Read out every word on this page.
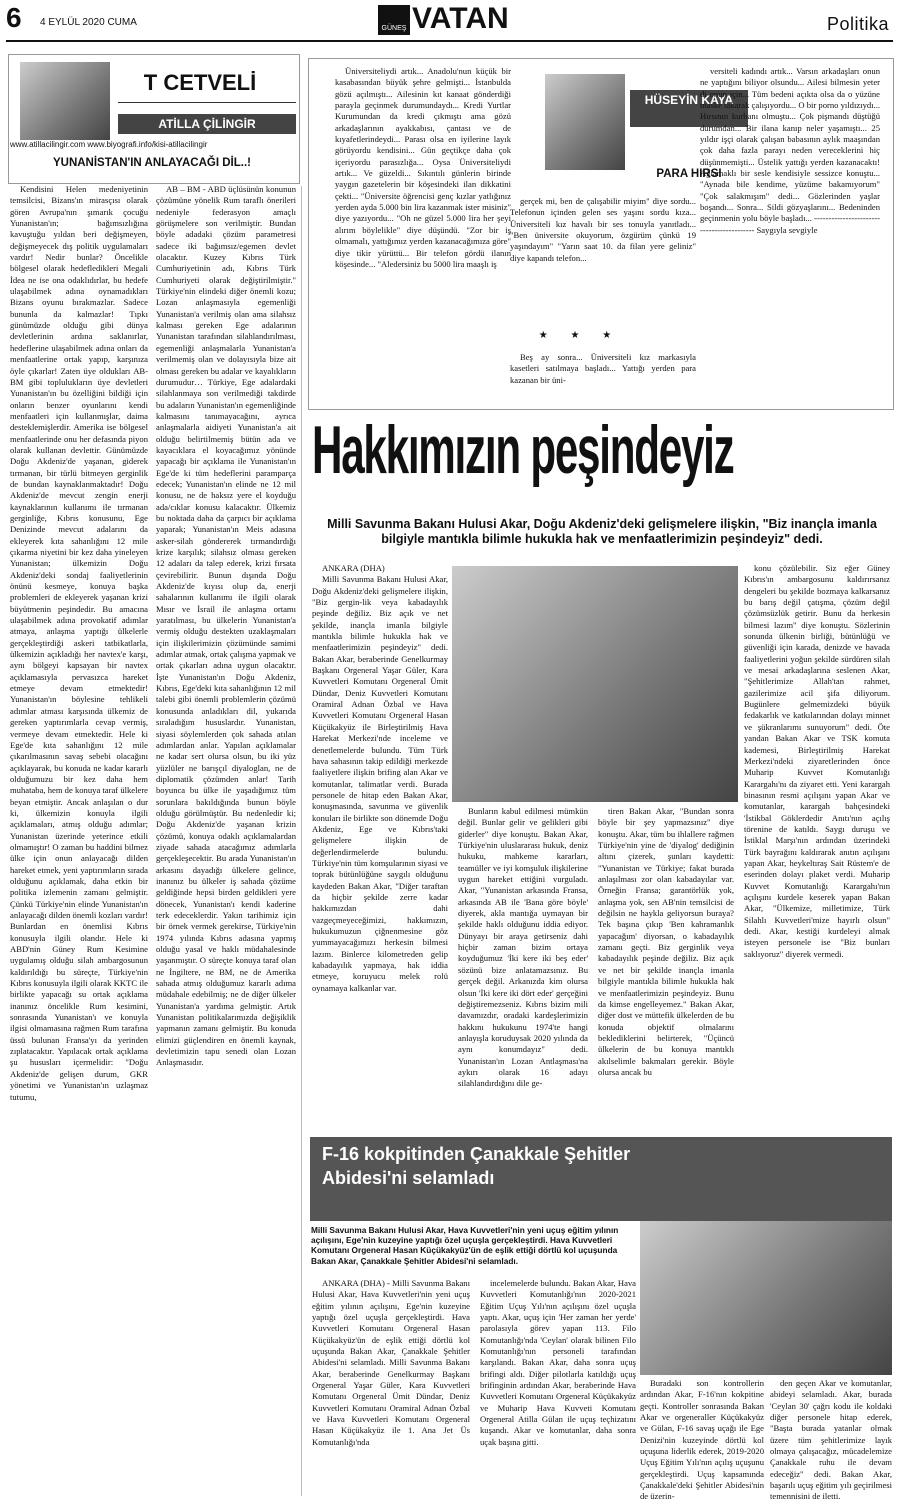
6 4 EYLÜL 2020 CUMA
GÜNEŞ VATAN	Politika
T CETVELİ
ATİLLA ÇİLİNGİR
www.atillacilingir.com www.biyografi.info/kisi-atillacilingir
YUNANİSTAN'IN ANLAYACAĞI DİL..!

Kendisini Helen medeniyetinin temsilcisi, Bizans'ın mirasçısı olarak gören Avrupa'nın şımarık çocuğu Yunanistan'ın; bağımsızlığına kavuştuğu yıldan beri değişmeyen, değişmeyecek dış politik uygulamaları vardır! Nedir bunlar? Öncelikle bölgesel olarak hedefledikleri Megali İdea ne ise ona odaklıdırlar, bu hedefe ulaşabilmek adına oynamadıkları Bizans oyunu bırakmazlar. Sadece bununla da kalmazlar! Tıpkı günümüzde olduğu gibi dünya devletlerinin ardına saklanırlar, hedeflerine ulaşabilmek adına onları da menfaatlerine ortak yapıp, karşınıza öyle çıkarlar! Zaten üye oldukları AB-BM gibi toplulukların üye devletleri Yunanistan'ın bu özelliğini bildiği için onların benzer oyunlarını kendi menfaatleri için kullanmışlar, daima desteklemişlerdir. Amerika ise bölgesel menfaatlerinde onu her defasında piyon olarak kullanan devlettir. Günümüzde Doğu Akdeniz'de yaşanan, giderek tırmanan, bir türlü bitmeyen gerginlik de bundan kaynaklanmaktadır! Doğu Akdeniz'de mevcut zengin enerji kaynaklarının kullanımı ile tırmanan gerginliğe, Kıbrıs konusunu, Ege Denizinde mevcut adalarını da ekleyerek kıta sahanlığını 12 mile çıkarma niyetini bir kez daha yineleyen Yunanistan; ülkemizin Doğu Akdeniz'deki sondaj faaliyetlerinin önünü kesmeye, konuya başka problemleri de ekleyerek yaşanan krizi büyütmenin peşindedir. Bu amacına ulaşabilmek adına provokatif adımlar atmaya, anlaşma yaptığı ülkelerle gerçekleştirdiği askeri tatbikatlarla, ülkemizin açıkladığı her navtex'e karşı, aynı bölgeyi kapsayan bir navtex açıklamasıyla pervasızca hareket etmeye devam etmektedir! Yunanistan'ın böylesine tehlikeli adımlar atması karşısında ülkemiz de gereken yaptırımlarla cevap vermiş, vermeye devam etmektedir. Hele ki Ege'de kıta sahanlığını 12 mile çıkarılmasının savaş sebebi olacağını açıklayarak, bu konuda ne kadar kararlı olduğumuzu bir kez daha hem muhataba, hem de konuya taraf ülkelere beyan etmiştir. Ancak anlaşılan o dur ki, ülkemizin konuyla ilgili açıklamaları, atmış olduğu adımlar; Yunanistan üzerinde yeterince etkili olmamıştır! O zaman bu haddini bilmez ülke için onun anlayacağı dilden hareket etmek, yeni yaptırımların sırada olduğunu açıklamak, daha etkin bir politika izlemenin zamanı gelmiştir. Çünkü Türkiye'nin elinde Yunanistan'ın anlayacağı dilden önemli kozları vardır! Bunlardan en önemlisi Kıbrıs konusuyla ilgili olandır. Hele ki ABD'nin Güney Rum Kesimine uygulamış olduğu silah ambargosunun kaldırıldığı bu süreçte, Türkiye'nin Kıbrıs konusuyla ilgili olarak KKTC ile birlikte yapacağı su ortak açıklama inanınız öncelikle Rum kesimini, sonrasında Yunanistan'ı ve konuyla ilgisi olmamasına rağmen Rum tarafına üssü bulunan Fransa'yı da yerinden zıplatacaktır. Yapılacak ortak açıklama şu hususları içermelidir: "Doğu Akdeniz'de gelişen durum, GKR yönetimi ve Yunanistan'ın uzlaşmaz tutumu,

AB – BM - ABD üçlüsünün konunun çözümüne yönelik Rum taraflı önerileri nedeniyle federasyon amaçlı görüşmelere son verilmiştir. Bundan böyle adadaki çözüm parametresi sadece iki bağımsız/egemen devlet olacaktır. Kuzey Kıbrıs Türk Cumhuriyetinin adı, Kıbrıs Türk Cumhuriyeti olarak değiştirilmiştir." Türkiye'nin elindeki diğer önemli kozu; Lozan anlaşmasıyla egemenliği Yunanistan'a verilmiş olan ama silahsız kalması gereken Ege adalarının Yunanistan tarafından silahlandırılması, egemenliği anlaşmalarla Yunanistan'a verilmemiş olan ve dolayısıyla bize ait olması gereken bu adalar ve kayalıkların durumudur… Türkiye, Ege adalardaki silahlanmaya son verilmediği takdirde bu adaların Yunanistan'ın egemenliğinde kalmasını tanımayacağını, ayrıca anlaşmalarla aidiyeti Yunanistan'a ait olduğu belirtilmemiş bütün ada ve kayacıklara el koyacağımız yönünde yapacağı bir açıklama ile Yunanistan'ın Ege'de ki tüm hedeflerini paramparça edecek; Yunanistan'ın elinde ne 12 mil konusu, ne de haksız yere el koyduğu ada/cıklar konusu kalacaktır. Ülkemiz bu noktada daha da çarpıcı bir açıklama yaparak; Yunanistan'ın Meis adasına asker-silah göndererek tırmandırdığı krize karşılık; silahsız olması gereken 12 adaları da talep ederek, krizi fırsata çevirebilirir. Bunun dışında Doğu Akdeniz'de kıyısı olup da, enerji sahalarının kullanımı ile ilgili olarak Mısır ve İsrail ile anlaşma ortamı yaratılması, bu ülkelerin Yunanistan'a vermiş olduğu destekten uzaklaşmaları için ilişkilerimizin çözümünde samimi adımlar atmak, ortak çalışma yapmak ve ortak çıkarları adına uygun olacaktır. İşte Yunanistan'ın Doğu Akdeniz, Kıbrıs, Ege'deki kıta sahanlığının 12 mil talebi gibi önemli problemlerin çözümü konusunda anladıkları dil, yukarıda sıraladığım hususlardır. Yunanistan, siyasi söylemlerden çok sahada atılan adımlardan anlar. Yapılan açıklamalar ne kadar sert olursa olsun, bu iki yüz yüzlüler ne barışçıl diyaloglan, ne de diplomatik çözümden anlar! Tarih boyunca bu ülke ile yaşadığımız tüm sorunlara bakıldığında bunun böyle olduğu görülmüştür. Bu nedenledir ki; Doğu Akdeniz'de yaşanan krizin çözümü, konuya odaklı açıklamalardan ziyade sahada atacağımız adımlarla gerçekleşecektir. Bu arada Yunanistan'ın arkasını dayadığı ülkelere gelince, inanınız bu ülkeler iş sahada çözüme geldiğinde hepsi birden geldikleri yere dönecek, Yunanistan'ı kendi kaderine terk edeceklerdir. Yakın tarihimiz için bir örnek vermek gerekirse, Türkiye'nin 1974 yılında Kıbrıs adasına yapmış olduğu yasal ve haklı müdahalesinde yaşanmıştır. O süreçte konuya taraf olan ne İngiltere, ne BM, ne de Amerika sahada atmış olduğumuz kararlı adıma müdahale edebilmiş; ne de diğer ülkeler Yunanistan'a yardıma gelmiştir. Artık Yunanistan politikalarımızda değişiklik yapmanın zamanı gelmiştir. Bu konuda elimizi güçlendiren en önemli kaynak, devletimizin tapu senedi olan Lozan Anlaşmasıdır.

Üniversiteliydi artık... Anadolu'nun küçük bir kasabasından büyük şehre gelmişti... İstanbulda gözü açılmıştı... Ailesinin kıt kanaat gönderdiği parayla geçinmek durumundaydı... Kredi Yurtlar Kurumundan da kredi çıkmıştı ama gözü arkadaşlarının ayakkabısı, çantası ve de kıyafetlerindeydi... Parası olsa en iyilerine layık görüyordu kendisini... Gün geçtikçe daha çok içeriyordu parasızlığa... Oysa Üniversiteliydi artık... Ve güzeldi... Sıkıntılı günlerin birinde yaygın gazetelerin bir köşesindeki ilan dikkatini çekti... "Üniversite öğrencisi genç kızlar yatlığınız yerden ayda 5.000 bin lira kazanmak ister misiniz" diye yazıyordu... "Oh ne güzel 5.000 lira her şeyi alırım böylelikle" diye düşündü. "Zor bir iş olmamalı, yattığımız yerden kazanacağımıza göre" diye tikir yürüttü... Bir telefon gördü ilanın köşesinde... "Aledersiniz bu 5000 lira maaşlı iş

HÜSEYİN KAYA
PARA HIRSI

gerçek mi, ben de çalışabilir miyim" diye sordu... Telefonun içinden gelen ses yaşını sordu kıza... Üniversiteli kız havalı bir ses tonuyla yanıtladı... "Ben üniversite okuyorum, özgürüm çünkü 19 yaşındayım" "Yarın saat 10. da filan yere geliniz" diye kapandı telefon...

★ ★ ★

Beş ay sonra... Üniversiteli kız markasıyla kasetleri satılmaya başladı... Yattığı yerden para kazanan bir üni-

versiteli kadındı artık... Varsın arkadaşları onun ne yaptığını biliyor olsundu... Ailesi bilmesin yeter di onun için... Tüm bedeni açıkta olsa da o yüzüne maske takarak çalışıyordu... O bir porno yıldızıydı... Hırsının kurbanı olmuştu... Çok pişmandı düştüğü durumdan... Bir ilana kanıp neler yaşamıştı... 25 yıldır işçi olarak çalışan babasının aylık maaşından çok daha fazla parayı neden vereceklerini hiç düşünmemişti... Üstelik yattığı yerden kazanacaktı! Ağlamaklı bir sesle kendisiyle sessizce konuştu... "Aynada bile kendime, yüzüme bakamıyorum" "Çok salakmışım" dedi... Gözlerinden yaşlar boşandı... Sonra... Sildi gözyaşlarını... Bedeninden geçinmenin yolu böyle başladı... ------------------------------------------ Saygıyla sevgiyle

Hakkımızın peşindeyiz
Milli Savunma Bakanı Hulusi Akar, Doğu Akdeniz'deki gelişmelere ilişkin, "Biz inançla imanla bilgiyle mantıkla bilimle hukukla hak ve menfaatlerimizin peşindeyiz" dedi.

ANKARA (DHA)

Milli Savunma Bakanı Hulusi Akar, Doğu Akdeniz'deki gelişmelere ilişkin, "Biz gergin-lik veya kabadayılık peşinde değiliz. Biz açık ve net şekilde, inançla imanla bilgiyle mantıkla bilimle hukukla hak ve menfaatlerimizin peşindeyiz" dedi. Bakan Akar, beraberinde Genelkurmay Başkanı Orgeneral Yaşar Güler, Kara Kuvvetleri Komutanı Orgeneral Ümit Dündar, Deniz Kuvvetleri Komutanı Oramiral Adnan Özbal ve Hava Kuvvetleri Komutanı Orgeneral Hasan Küçükakyüz ile Birleştirilmiş Hava Harekat Merkezi'nde inceleme ve denetlemelerde bulundu. Tüm Türk hava sahasının takip edildiği merkezde faaliyetlere ilişkin brifing alan Akar ve komutanlar, talimatlar verdi. Burada personele de hitap eden Bakan Akar, konuşmasında, savunma ve güvenlik konuları ile birlikte son dönemde Doğu Akdeniz, Ege ve Kıbrıs'taki gelişmelere ilişkin de değerlendirmelerde bulundu. Türkiye'nin tüm komşularının siyasi ve toprak bütünlüğüne saygılı olduğunu kaydeden Bakan Akar, "Diğer taraftan da hiçbir şekilde zerre kadar hakkımızdan dahi vazgeçmeyeceğimizi, hakkımızın, hukukumuzun çiğnenmesine göz yummayacağımızı herkesin bilmesi lazım. Binlerce kilometreden gelip kabadayılık yapmaya, hak iddia etmeye, koruyucu melek rolü oynamaya kalkanlar var.

Bunların kabul edilmesi mümkün değil. Bunlar gelir ve gelikleri gibi giderler" diye konuştu. Bakan Akar, Türkiye'nin uluslararası hukuk, deniz hukuku, mahkeme kararları, teamüller ve iyi komşuluk ilişkilerine uygun hareket ettiğini vurguladı. Akar, "Yunanistan arkasında Fransa, arkasında AB ile 'Bana göre böyle' diyerek, akla mantığa uymayan bir şekilde haklı olduğunu iddia ediyor. Dünyayı bir araya getirseniz dahi hiçbir zaman bizim ortaya koyduğumuz 'İki kere iki beş eder' sözünü bize anlatamazsınız. Bu gerçek değil. Arkanızda kim olursa olsun 'İki kere iki dört eder' gerçeğini değiştiremezseniz. Kıbrıs bizim mili davamızdır, oradaki kardeşlerimizin hakkını hukukunu 1974'te hangi anlayışla koruduysak 2020 yılında da aynı konumdayız" dedi. Yunanistan'ın Lozan Antlaşması'na aykırı olarak 16 adayı silahlandırdığını dile ge-

tiren Bakan Akar, "Bundan sonra böyle bir şey yapmazsınız" diye konuştu. Akar, tüm bu ihlallere rağmen Türkiye'nin yine de 'diyalog' dediğinin altını çizerek, şunları kaydetti: "Yunanistan ve Türkiye; fakat burada anlaşılması zor olan kabadayılar var. Örneğin Fransa; garantörlük yok, anlaşma yok, sen AB'nin temsilcisi de değilsin ne haykla geliyorsun buraya? Tek başına çıkıp 'Ben kahramanlık yapacağım' diyorsan, o kabadayılık zamanı geçti. Biz gerginlik veya kabadayılık peşinde değiliz. Biz açık ve net bir şekilde inançla imanla bilgiyle mantıkla bilimle hukukla hak ve menfaatlerimizin peşindeyiz. Bunu da kimse engelleyemez." Bakan Akar, diğer dost ve müttefik ülkelerden de bu konuda objektif olmalarını beklediklerini belirterek, "Üçüncü ülkelerin de bu konuya mantıklı akılselimle bakmaları gerekir. Böyle olursa ancak bu

konu çözülebilir. Siz eğer Güney Kıbrıs'ın ambargosunu kaldırırsanız dengeleri bu şekilde bozmaya kalkarsanız bu barış değil çatışma, çözüm değil çözümsüzlük getirir. Bunu da herkesin bilmesi lazım" diye konuştu. Sözlerinin sonunda ülkenin birliği, bütünlüğü ve güvenliği için karada, denizde ve havada faaliyetlerini yoğun şekilde sürdüren silah ve mesai arkadaşlarına seslenen Akar, "Şehitlerimize Allah'tan rahmet, gazilerimize acil şifa diliyorum. Bugünlere gelmemizdeki büyük fedakarlık ve katkılarından dolayı minnet ve şükranlarımı sunuyorum" dedi. Öte yandan Bakan Akar ve TSK komuta kademesi, Birleştirilmiş Harekat Merkezi'ndeki ziyaretlerinden önce Muharip Kuvvet Komutanlığı Karargahı'nı da ziyaret etti. Yeni karargah binasının resmi açılışını yapan Akar ve komutanlar, karargah bahçesindeki 'İstikbal Göklerdedir Anıtı'nın açılış törenine de katıldı. Saygı duruşu ve İstiklal Marşı'nın ardından üzerindeki Türk bayrağını kaldırarak anıtın açılışını yapan Akar, heykeltıraş Sait Rüstem'e de eserinden dolayı plaket verdi. Muharip Kuvvet Komutanlığı Karargahı'nın açılışını kurdele keserek yapan Bakan Akar, "Ülkemize, milletimize, Türk Silahlı Kuvvetleri'mize hayırlı olsun" dedi. Akar, kestiği kurdeleyi almak isteyen personele ise "Biz bunları saklıyoruz" diyerek vermedi.

F-16 kokpitinden Çanakkale Şehitler Abidesi'ni selamladı
Milli Savunma Bakanı Hulusi Akar, Hava Kuvvetleri'nin yeni uçuş eğitim yılının açılışını, Ege'nin kuzeyine yaptığı özel uçuşla gerçekleştirdi. Hava Kuvvetleri Komutanı Orgeneral Hasan Küçükakyüz'ün de eşlik ettiği dörtlü kol uçuşunda Bakan Akar, Çanakkale Şehitler Abidesi'ni selamladı.

ANKARA (DHA) - Milli Savunma Bakanı Hulusi Akar, Hava Kuvvetleri'nin yeni uçuş eğitim yılının açılışını, Ege'nin kuzeyine yaptığı özel uçuşla gerçekleştirdi. Hava Kuvvetleri Komutanı Orgeneral Hasan Küçükakyüz'ün de eşlik ettiği dörtlü kol uçuşunda Bakan Akar, Çanakkale Şehitler Abidesi'ni selamladı. Milli Savunma Bakanı Akar, beraberinde Genelkurmay Başkanı Orgeneral Yaşar Güler, Kara Kuvvetleri Komutanı Orgeneral Ümit Dündar, Deniz Kuvvetleri Komutanı Oramiral Adnan Özbal ve Hava Kuvvetleri Komutanı Orgeneral Hasan Küçükakyüz ile 1. Ana Jet Üs Komutanlığı'nda

incelemelerde bulundu. Bakan Akar, Hava Kuvvetleri Komutanlığı'nın 2020-2021 Eğitim Uçuş Yılı'nın açılışını özel uçuşla yaptı. Akar, uçuş için 'Her zaman her yerde' parolasıyla görev yapan 113. Filo Komutanlığı'nda 'Ceylan' olarak bilinen Filo Komutanlığı'nın personeli tarafından karşılandı. Bakan Akar, daha sonra uçuş brifingi aldı. Diğer pilotlarla katıldığı uçuş brifinginin ardından Akar, beraberinde Hava Kuvvetleri Komutanı Orgeneral Küçükakyüz ve Muharip Hava Kuvveti Komutanı Orgeneral Atilla Gülan ile uçuş teçhizatını kuşandı. Akar ve komutanlar, daha sonra uçak başına gitti.

Buradaki son kontrollerin ardından Akar, F-16'nın kokpitine geçti. Kontroller sonrasında Bakan Akar ve orgeneraller Küçükakyüz ve Gülan, F-16 savaş uçağı ile Ege Denizi'nin kuzeyinde dörtlü kol uçuşuna liderlik ederek, 2019-2020 Uçuş Eğitim Yılı'nın açılış uçuşunu gerçekleştirdi. Uçuş kapsamında Çanakkale'deki Şehitler Abidesi'nin de üzerin-

den geçen Akar ve komutanlar, abideyi selamladı. Akar, burada 'Ceylan 30' çağrı kodu ile koldaki diğer personele hitap ederek, "Başta burada yatanlar olmak üzere tüm şehitlerimize layık olmaya çalışacağız, mücadelemize Çanakkale ruhu ile devam edeceğiz" dedi. Bakan Akar, başarılı uçuş eğitim yılı geçirilmesi temennisini de iletti.
